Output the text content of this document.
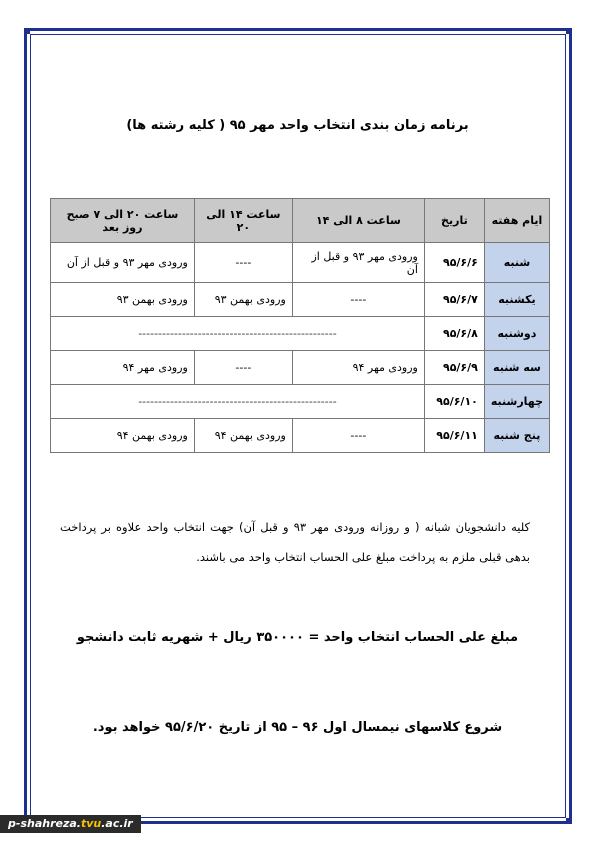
برنامه زمان بندی انتخاب واحد مهر ۹۵ ( کلیه رشته ها)
ایام هفته	تاریخ	ساعت ۸ الی ۱۴	ساعت ۱۴ الی ۲۰	ساعت ۲۰ الی ۷ صبح روز بعد
شنبه	۹۵/۶/۶	ورودی مهر ۹۳ و قبل از آن	----	ورودی مهر ۹۳ و قبل از آن
یکشنبه	۹۵/۶/۷	----	ورودی بهمن ۹۳	ورودی بهمن ۹۳
دوشنبه	۹۵/۶/۸	--------------------------------------------------		
سه شنبه	۹۵/۶/۹	ورودی مهر ۹۴	----	ورودی مهر ۹۴
چهارشنبه	۹۵/۶/۱۰	--------------------------------------------------		
پنج شنبه	۹۵/۶/۱۱	----	ورودی بهمن ۹۴	ورودی بهمن ۹۴
کلیه دانشجویان شبانه ( و روزانه ورودی مهر ۹۳ و قبل آن) جهت انتخاب واحد علاوه بر پرداخت بدهی قبلی ملزم به پرداخت مبلغ علی الحساب انتخاب واحد می باشند.
مبلغ علی الحساب انتخاب واحد = ۳۵۰۰۰۰ ریال + شهریه ثابت دانشجو
شروع کلاسهای نیمسال اول ۹۶ – ۹۵ از تاریخ ۹۵/۶/۲۰ خواهد بود.
p-shahreza.tvu.ac.ir
